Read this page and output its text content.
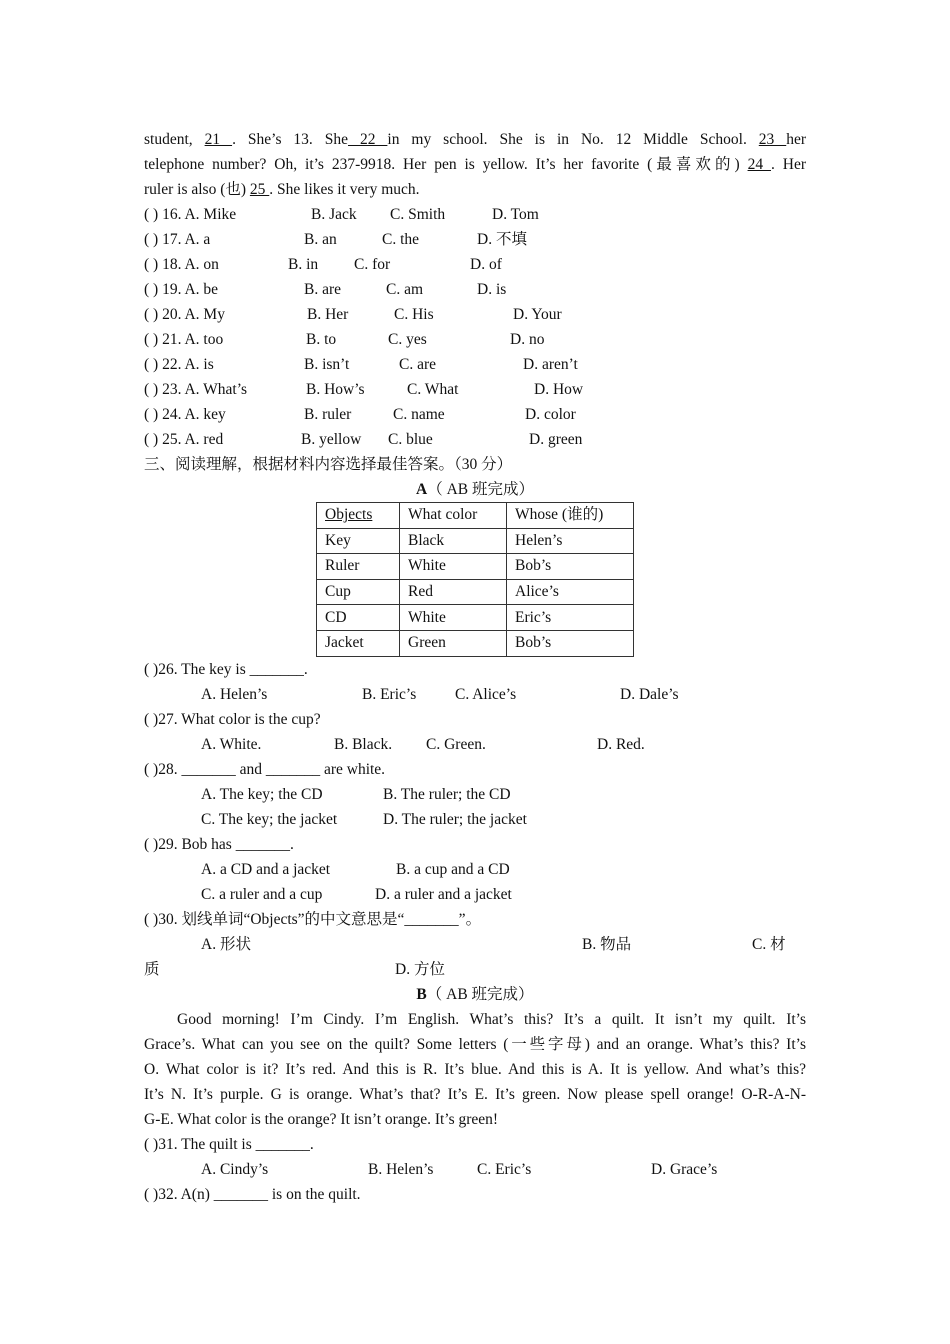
student, 21 . She’s 13. She 22 in my school. She is in No. 12 Middle School. 23 her
telephone number? Oh, it’s 237-9918. Her pen is yellow. It’s her favorite (最喜欢的) 24 . Her
ruler is also (也) 25 . She likes it very much.
( ) 16. A. Mike	B. Jack C. Smith	D. Tom
( ) 17. A. a	B. an	C. the	D. 不填
( ) 18. A. on	B. in C. for	D. of
( ) 19. A. be	B. are	C. am	D. is
( ) 20. A. My	B. Her	C. His	D. Your
( ) 21. A. too	B. to	C. yes	D. no
( ) 22. A. is	B. isn’t	C. are	D. aren’t
( ) 23. A. What’s	B. How’s	C. What	D. How
( ) 24. A. key	B. ruler	C. name	D. color
( ) 25. A. red	B. yellow C. blue	D. green
三、阅读理解，根据材料内容选择最佳答案。（30 分）
A（ AB 班完成）
Objects	What color	Whose (谁的)
Key	Black	Helen’s
Ruler	White	Bob’s
Cup	Red	Alice’s
CD	White	Eric’s
Jacket	Green	Bob’s
( )26. The key is _______.
A. Helen’s	B. Eric’s	C. Alice’s	D. Dale’s
( )27. What color is the cup?
A. White.	B. Black. C. Green.	D. Red.
( )28. _______ and _______ are white.
A. The key; the CD	B. The ruler; the CD
C. The key; the jacket	D. The ruler; the jacket
( )29. Bob has _______.
A. a CD and a jacket	B. a cup and a CD
C. a ruler and a cup	D. a ruler and a jacket
( )30. 划线单词“Objects”的中文意思是“_______”。
A. 形状	B. 物品	C. 材
质	D. 方位
B（ AB 班完成）
Good morning! I’m Cindy. I’m English. What’s this? It’s a quilt. It isn’t my quilt. It’s
Grace’s. What can you see on the quilt? Some letters (一些字母) and an orange. What’s this? It’s
O. What color is it? It’s red. And this is R. It’s blue. And this is A. It is yellow. And what’s this?
It’s N. It’s purple. G is orange. What’s that? It’s E. It’s green. Now please spell orange! O-R-A-N-
G-E. What color is the orange? It isn’t orange. It’s green!
( )31. The quilt is _______.
A. Cindy’s	B. Helen’s	C. Eric’s	D. Grace’s
( )32. A(n) _______ is on the quilt.
